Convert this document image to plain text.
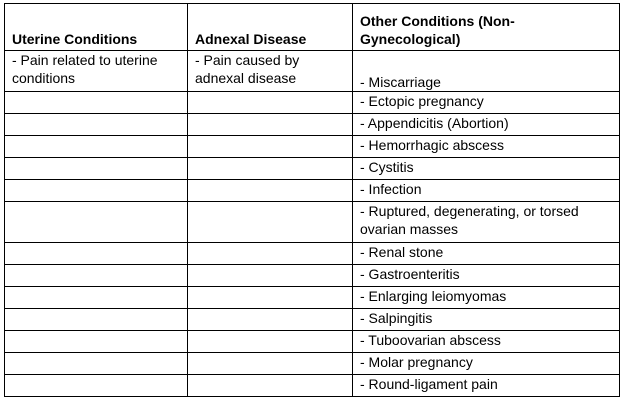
Uterine Conditions	Adnexal Disease	Other Conditions (Non-Gynecological)
- Pain related to uterine conditions	- Pain caused by adnexal disease	- Miscarriage
		- Ectopic pregnancy
		- Appendicitis (Abortion)
		- Hemorrhagic abscess
		- Cystitis
		- Infection
		- Ruptured, degenerating, or torsed ovarian masses
		- Renal stone
		- Gastroenteritis
		- Enlarging leiomyomas
		- Salpingitis
		- Tuboovarian abscess
		- Molar pregnancy
		- Round-ligament pain
